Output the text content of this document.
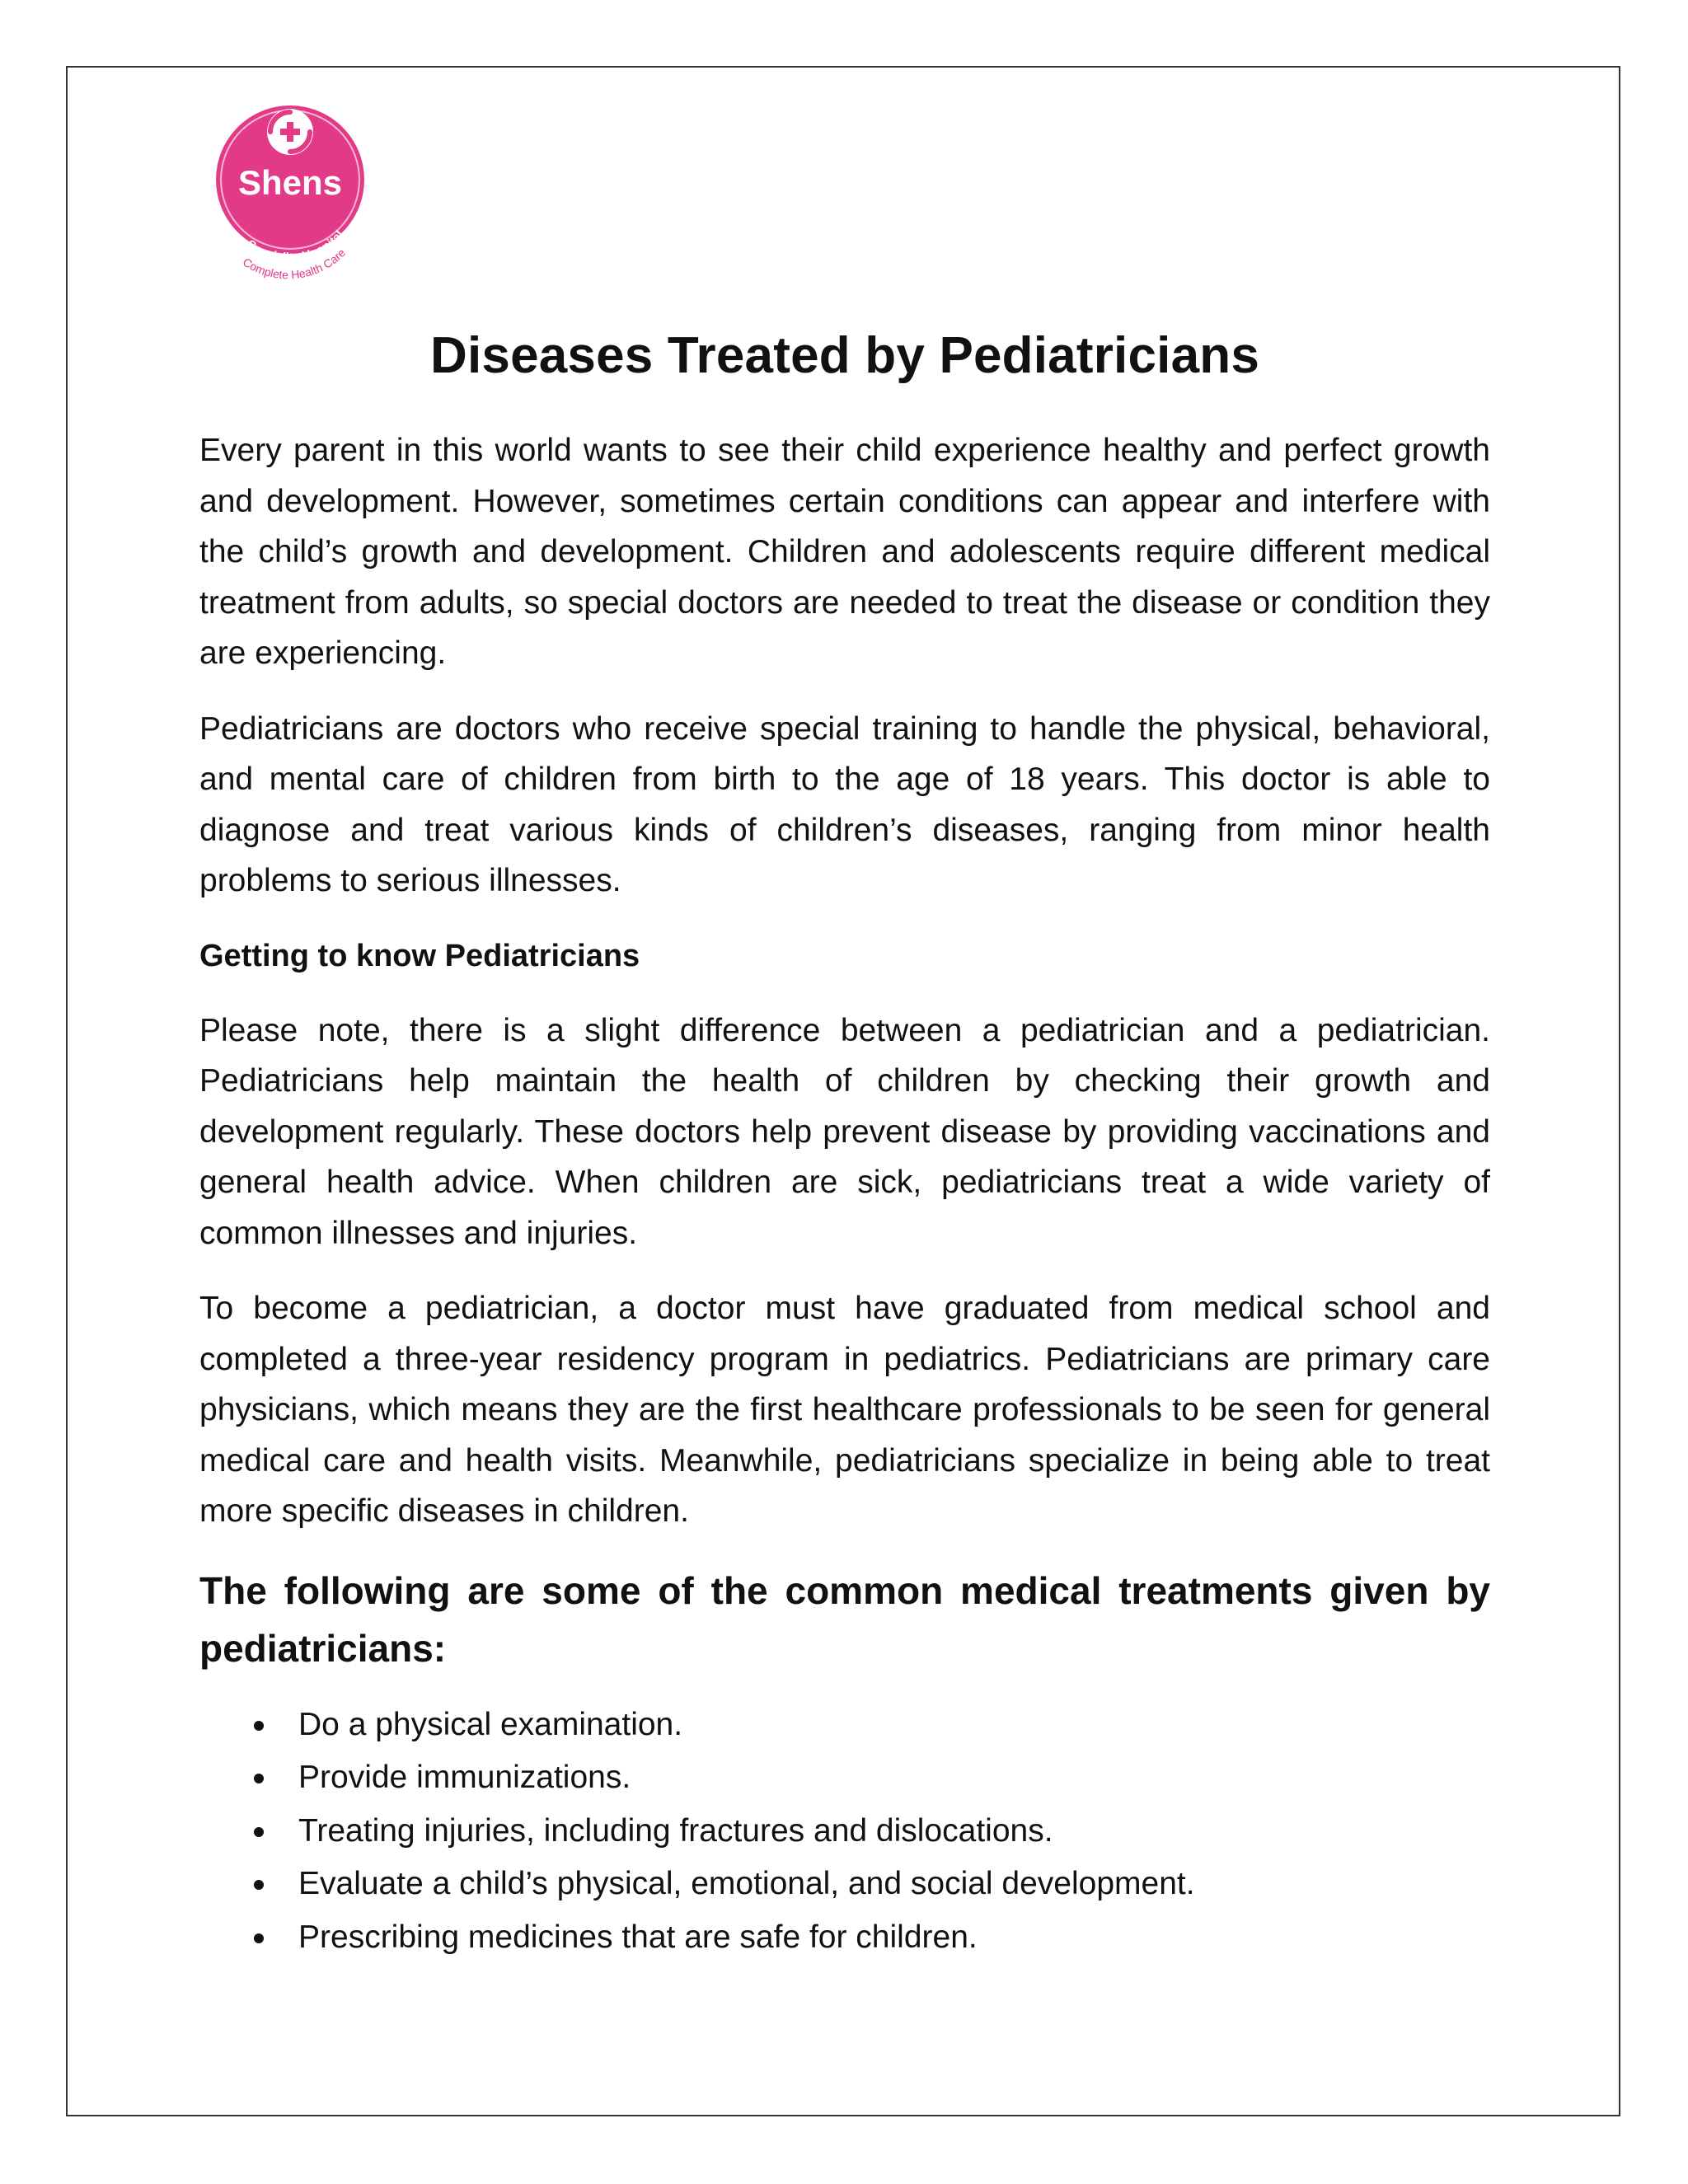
Shens
Speciality Hospital
Complete Health Care
Diseases Treated by Pediatricians

Every parent in this world wants to see their child experience healthy and perfect growth and development. However, sometimes certain conditions can appear and interfere with the child’s growth and development. Children and adolescents require different medical treatment from adults, so special doctors are needed to treat the disease or condition they are experiencing.

Pediatricians are doctors who receive special training to handle the physical, behavioral, and mental care of children from birth to the age of 18 years. This doctor is able to diagnose and treat various kinds of children’s diseases, ranging from minor health problems to serious illnesses.

Getting to know Pediatricians

Please note, there is a slight difference between a pediatrician and a pediatrician. Pediatricians help maintain the health of children by checking their growth and development regularly. These doctors help prevent disease by providing vaccinations and general health advice. When children are sick, pediatricians treat a wide variety of common illnesses and injuries.

To become a pediatrician, a doctor must have graduated from medical school and completed a three-year residency program in pediatrics. Pediatricians are primary care physicians, which means they are the first healthcare professionals to be seen for general medical care and health visits. Meanwhile, pediatricians specialize in being able to treat more specific diseases in children.

The following are some of the common medical treatments given by pediatricians:
Do a physical examination.
Provide immunizations.
Treating injuries, including fractures and dislocations.
Evaluate a child’s physical, emotional, and social development.
Prescribing medicines that are safe for children.
